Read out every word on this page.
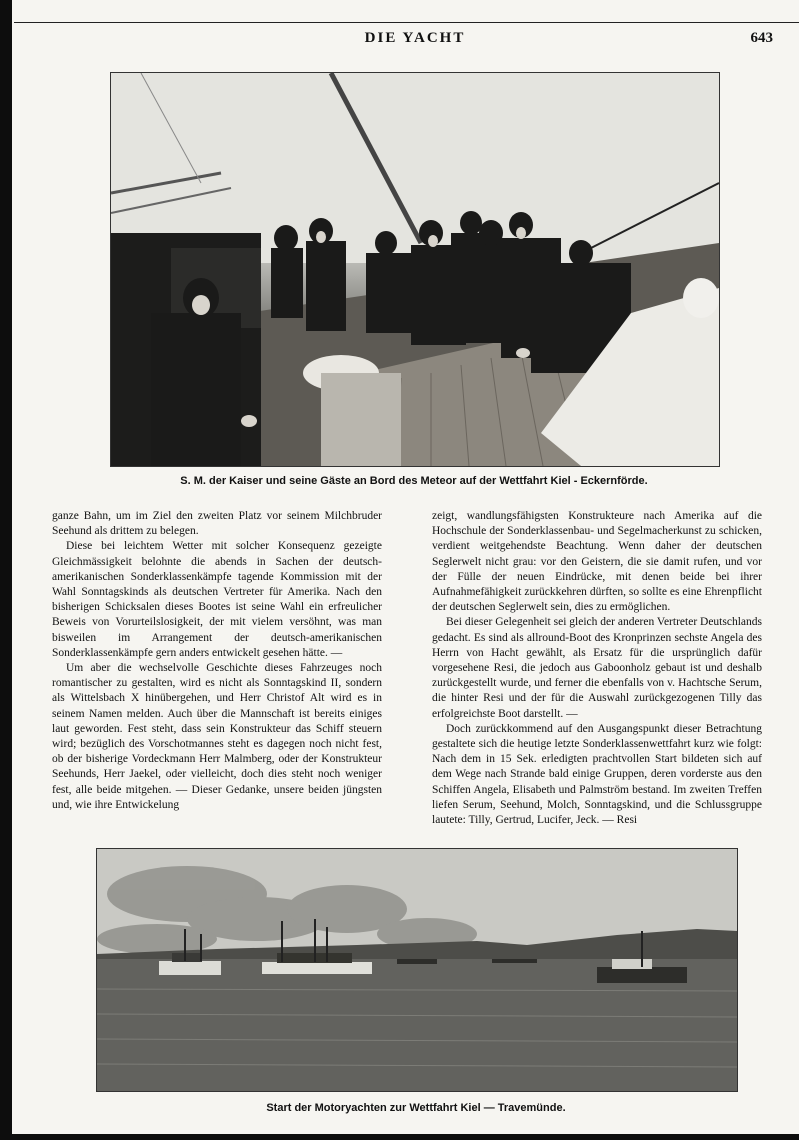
DIE YACHT	643
S. M. der Kaiser und seine Gäste an Bord des Meteor auf der Wettfahrt Kiel - Eckernförde.

ganze Bahn, um im Ziel den zweiten Platz vor seinem Milchbruder Seehund als drittem zu belegen.

Diese bei leichtem Wetter mit solcher Konsequenz gezeigte Gleichmässigkeit belohnte die abends in Sachen der deutsch-amerikanischen Sonderklassenkämpfe tagende Kommission mit der Wahl Sonntagskinds als deutschen Vertreter für Amerika. Nach den bisherigen Schicksalen dieses Bootes ist seine Wahl ein erfreulicher Beweis von Vorurteilslosigkeit, der mit vielem versöhnt, was man bisweilen im Arrangement der deutsch-amerikanischen Sonderklassenkämpfe gern anders entwickelt gesehen hätte. —

Um aber die wechselvolle Geschichte dieses Fahrzeuges noch romantischer zu gestalten, wird es nicht als Sonntagskind II, sondern als Wittelsbach X hinübergehen, und Herr Christof Alt wird es in seinem Namen melden. Auch über die Mannschaft ist bereits einiges laut geworden. Fest steht, dass sein Konstrukteur das Schiff steuern wird; bezüglich des Vorschotmannes steht es dagegen noch nicht fest, ob der bisherige Vordeckmann Herr Malmberg, oder der Konstrukteur Seehunds, Herr Jaekel, oder vielleicht, doch dies steht noch weniger fest, alle beide mitgehen. — Dieser Gedanke, unsere beiden jüngsten und, wie ihre Entwickelung

zeigt, wandlungsfähigsten Konstrukteure nach Amerika auf die Hochschule der Sonderklassenbau- und Segelmacherkunst zu schicken, verdient weitgehendste Beachtung. Wenn daher der deutschen Seglerwelt nicht grau: vor den Geistern, die sie damit rufen, und vor der Fülle der neuen Eindrücke, mit denen beide bei ihrer Aufnahmefähigkeit zurückkehren dürften, so sollte es eine Ehrenpflicht der deutschen Seglerwelt sein, dies zu ermöglichen.

Bei dieser Gelegenheit sei gleich der anderen Vertreter Deutschlands gedacht. Es sind als allround-Boot des Kronprinzen sechste Angela des Herrn von Hacht gewählt, als Ersatz für die ursprünglich dafür vorgesehene Resi, die jedoch aus Gaboonholz gebaut ist und deshalb zurückgestellt wurde, und ferner die ebenfalls von v. Hachtsche Serum, die hinter Resi und der für die Auswahl zurückgezogenen Tilly das erfolgreichste Boot darstellt. —

Doch zurückkommend auf den Ausgangspunkt dieser Betrachtung gestaltete sich die heutige letzte Sonderklassenwettfahrt kurz wie folgt: Nach dem in 15 Sek. erledigten prachtvollen Start bildeten sich auf dem Wege nach Strande bald einige Gruppen, deren vorderste aus den Schiffen Angela, Elisabeth und Palmström bestand. Im zweiten Treffen liefen Serum, Seehund, Molch, Sonntagskind, und die Schlussgruppe lautete: Tilly, Gertrud, Lucifer, Jeck. — Resi

Start der Motoryachten zur Wettfahrt Kiel — Travemünde.
